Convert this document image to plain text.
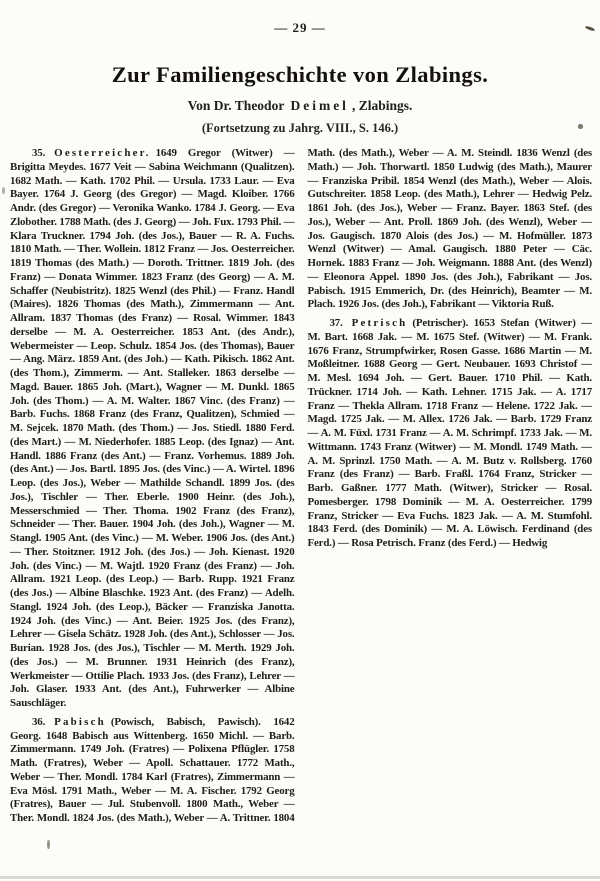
— 29 —
Zur Familiengeschichte von Zlabings.
Von Dr. Theodor Deimel , Zlabings.
(Fortsetzung zu Jahrg. VIII., S. 146.)

35. Oesterreicher. 1649 Gregor (Witwer) — Brigitta Meydes. 1677 Veit — Sabina Weichmann (Qualitzen). 1682 Math. — Kath. 1702 Phil. — Ursula. 1733 Laur. — Eva Bayer. 1764 J. Georg (des Gregor) — Magd. Kloiber. 1766 Andr. (des Gregor) — Veronika Wanko. 1784 J. Georg. — Eva Zlobother. 1788 Math. (des J. Georg) — Joh. Fux. 1793 Phil. — Klara Truckner. 1794 Joh. (des Jos.), Bauer — R. A. Fuchs. 1810 Math. — Ther. Wollein. 1812 Franz — Jos. Oesterreicher. 1819 Thomas (des Math.) — Doroth. Trittner. 1819 Joh. (des Franz) — Donata Wimmer. 1823 Franz (des Georg) — A. M. Schaffer (Neubistritz). 1825 Wenzl (des Phil.) — Franz. Handl (Maires). 1826 Thomas (des Math.), Zimmermann — Ant. Allram. 1837 Thomas (des Franz) — Rosal. Wimmer. 1843 derselbe — M. A. Oesterreicher. 1853 Ant. (des Andr.), Webermeister — Leop. Schulz. 1854 Jos. (des Thomas), Bauer — Ang. März. 1859 Ant. (des Joh.) — Kath. Pikisch. 1862 Ant. (des Thom.), Zimmerm. — Ant. Stalleker. 1863 derselbe — Magd. Bauer. 1865 Joh. (Mart.), Wagner — M. Dunkl. 1865 Joh. (des Thom.) — A. M. Walter. 1867 Vinc. (des Franz) — Barb. Fuchs. 1868 Franz (des Franz, Qualitzen), Schmied — M. Sejcek. 1870 Math. (des Thom.) — Jos. Stiedl. 1880 Ferd. (des Mart.) — M. Niederhofer. 1885 Leop. (des Ignaz) — Ant. Handl. 1886 Franz (des Ant.) — Franz. Vorhemus. 1889 Joh. (des Ant.) — Jos. Bartl. 1895 Jos. (des Vinc.) — A. Wirtel. 1896 Leop. (des Jos.), Weber — Mathilde Schandl. 1899 Jos. (des Jos.), Tischler — Ther. Eberle. 1900 Heinr. (des Joh.), Messerschmied — Ther. Thoma. 1902 Franz (des Franz), Schneider — Ther. Bauer. 1904 Joh. (des Joh.), Wagner — M. Stangl. 1905 Ant. (des Vinc.) — M. Weber. 1906 Jos. (des Ant.) — Ther. Stoitzner. 1912 Joh. (des Jos.) — Joh. Kienast. 1920 Joh. (des Vinc.) — M. Wajtl. 1920 Franz (des Franz) — Joh. Allram. 1921 Leop. (des Leop.) — Barb. Rupp. 1921 Franz (des Jos.) — Albine Blaschke. 1923 Ant. (des Franz) — Adelh. Stangl. 1924 Joh. (des Leop.), Bäcker — Franziska Janotta. 1924 Joh. (des Vinc.) — Ant. Beier. 1925 Jos. (des Franz), Lehrer — Gisela Schätz. 1928 Joh. (des Ant.), Schlosser — Jos. Burian. 1928 Jos. (des Jos.), Tischler — M. Merth. 1929 Joh. (des Jos.) — M. Brunner. 1931 Heinrich (des Franz), Werkmeister — Ottilie Plach. 1933 Jos. (des Franz), Lehrer — Joh. Glaser. 1933 Ant. (des Ant.), Fuhrwerker — Albine Sauschläger.

36. Pabisch (Powisch, Babisch, Pawisch). 1642 Georg. 1648 Babisch aus Wittenberg. 1650 Michl. — Barb. Zimmermann. 1749 Joh. (Fratres) — Polixena Pflügler. 1758 Math. (Fratres), Weber — Apoll. Schattauer. 1772 Math., Weber — Ther. Mondl. 1784 Karl (Fratres), Zimmermann — Eva Mösl. 1791 Math., Weber — M. A. Fischer. 1792 Georg (Fratres), Bauer — Jul. Stubenvoll. 1800 Math., Weber — Ther. Mondl. 1824 Jos. (des Math.), Weber — A. Trittner. 1804 Math. (des Math.), Weber — A. M. Steindl. 1836 Wenzl (des Math.) — Joh. Thorwartl. 1850 Ludwig (des Math.), Maurer — Franziska Pribil. 1854 Wenzl (des Math.), Weber — Alois. Gutschreiter. 1858 Leop. (des Math.), Lehrer — Hedwig Pelz. 1861 Joh. (des Jos.), Weber — Franz. Bayer. 1863 Stef. (des Jos.), Weber — Ant. Proll. 1869 Joh. (des Wenzl), Weber — Jos. Gaugisch. 1870 Alois (des Jos.) — M. Hofmüller. 1873 Wenzl (Witwer) — Amal. Gaugisch. 1880 Peter — Cäc. Hornek. 1883 Franz — Joh. Weigmann. 1888 Ant. (des Wenzl) — Eleonora Appel. 1890 Jos. (des Joh.), Fabrikant — Jos. Pabisch. 1915 Emmerich, Dr. (des Heinrich), Beamter — M. Plach. 1926 Jos. (des Joh.), Fabrikant — Viktoria Ruß.

37. Petrisch (Petrischer). 1653 Stefan (Witwer) — M. Bart. 1668 Jak. — M. 1675 Stef. (Witwer) — M. Frank. 1676 Franz, Strumpfwirker, Rosen Gasse. 1686 Martin — M. Moßleitner. 1688 Georg — Gert. Neubauer. 1693 Christof — M. Mesl. 1694 Joh. — Gert. Bauer. 1710 Phil. — Kath. Trückner. 1714 Joh. — Kath. Lehner. 1715 Jak. — A. 1717 Franz — Thekla Allram. 1718 Franz — Helene. 1722 Jak. — Magd. 1725 Jak. — M. Allex. 1726 Jak. — Barb. 1729 Franz — A. M. Füxl. 1731 Franz — A. M. Schrimpf. 1733 Jak. — M. Wittmann. 1743 Franz (Witwer) — M. Mondl. 1749 Math. — A. M. Sprinzl. 1750 Math. — A. M. Butz v. Rollsberg. 1760 Franz (des Franz) — Barb. Fraßl. 1764 Franz, Stricker — Barb. Gaßner. 1777 Math. (Witwer), Stricker — Rosal. Pomesberger. 1798 Dominik — M. A. Oesterreicher. 1799 Franz, Stricker — Eva Fuchs. 1823 Jak. — A. M. Stumfohl. 1843 Ferd. (des Dominik) — M. A. Löwisch. Ferdinand (des Ferd.) — Rosa Petrisch. Franz (des Ferd.) — Hedwig
